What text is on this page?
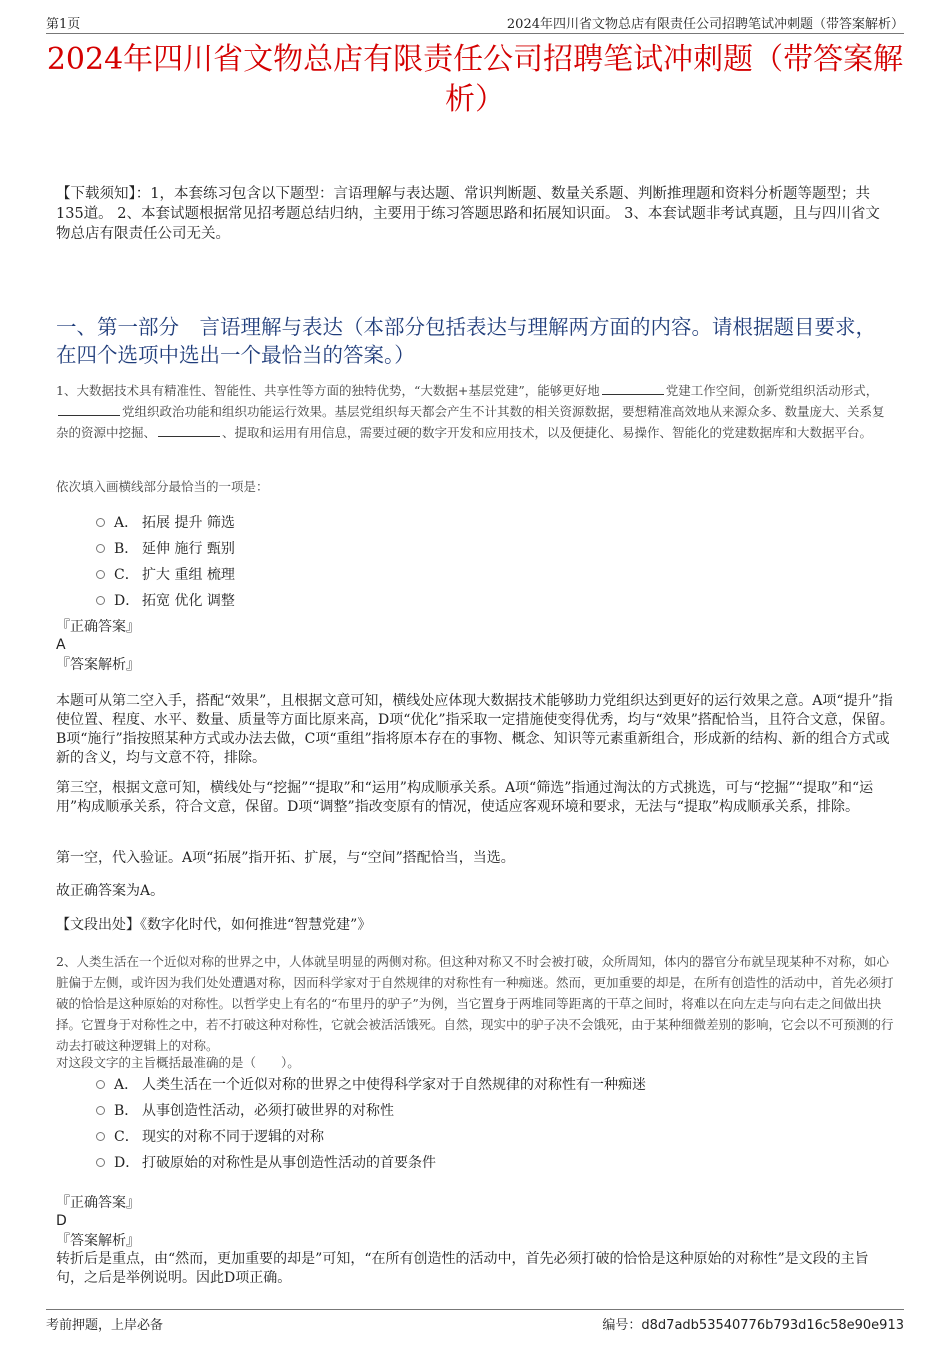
第1页	2024年四川省文物总店有限责任公司招聘笔试冲刺题（带答案解析）
2024年四川省文物总店有限责任公司招聘笔试冲刺题（带答案解析）
【下载须知】：1，本套练习包含以下题型：言语理解与表达题、常识判断题、数量关系题、判断推理题和资料分析题等题型；共135道。 2、本套试题根据常见招考题总结归纳，主要用于练习答题思路和拓展知识面。 3、本套试题非考试真题，且与四川省文物总店有限责任公司无关。
一、第一部分　言语理解与表达（本部分包括表达与理解两方面的内容。请根据题目要求，在四个选项中选出一个最恰当的答案。）
1、大数据技术具有精准性、智能性、共享性等方面的独特优势，“大数据+基层党建”，能够更好地	党建工作空间，创新党组织活动形式，党组织政治功能和组织功能运行效果。基层党组织每天都会产生不计其数的相关资源数据，要想精准高效地从来源众多、数量庞大、关系复杂的资源中挖掘、	、提取和运用有用信息，需要过硬的数字开发和应用技术，以及便捷化、易操作、智能化的党建数据库和大数据平台。
依次填入画横线部分最恰当的一项是：
A． 拓展 提升 筛选
B． 延伸 施行 甄别
C． 扩大 重组 梳理
D． 拓宽 优化 调整
『正确答案』
A
『答案解析』
本题可从第二空入手，搭配“效果”，且根据文意可知，横线处应体现大数据技术能够助力党组织达到更好的运行效果之意。A项“提升”指使位置、程度、水平、数量、质量等方面比原来高，D项“优化”指采取一定措施使变得优秀，均与“效果”搭配恰当，且符合文意，保留。B项“施行”指按照某种方式或办法去做，C项“重组”指将原本存在的事物、概念、知识等元素重新组合，形成新的结构、新的组合方式或新的含义，均与文意不符，排除。
第三空，根据文意可知，横线处与“挖掘”“提取”和“运用”构成顺承关系。A项“筛选”指通过淘汰的方式挑选，可与“挖掘”“提取”和“运用”构成顺承关系，符合文意，保留。D项“调整”指改变原有的情况，使适应客观环境和要求，无法与“提取”构成顺承关系，排除。
第一空，代入验证。A项“拓展”指开拓、扩展，与“空间”搭配恰当，当选。
故正确答案为A。
【文段出处】《数字化时代，如何推进“智慧党建”》
2、人类生活在一个近似对称的世界之中，人体就呈明显的两侧对称。但这种对称又不时会被打破，众所周知，体内的器官分布就呈现某种不对称，如心脏偏于左侧，或许因为我们处处遭遇对称，因而科学家对于自然规律的对称性有一种痴迷。然而，更加重要的却是，在所有创造性的活动中，首先必须打破的恰恰是这种原始的对称性。以哲学史上有名的“布里丹的驴子”为例，当它置身于两堆同等距离的干草之间时，将难以在向左走与向右走之间做出抉择。它置身于对称性之中，若不打破这种对称性，它就会被活活饿死。自然，现实中的驴子决不会饿死，由于某种细微差别的影响，它会以不可预测的行动去打破这种逻辑上的对称。
对这段文字的主旨概括最准确的是（　　）。
A． 人类生活在一个近似对称的世界之中使得科学家对于自然规律的对称性有一种痴迷
B． 从事创造性活动，必须打破世界的对称性
C． 现实的对称不同于逻辑的对称
D． 打破原始的对称性是从事创造性活动的首要条件
『正确答案』
D
『答案解析』
转折后是重点，由“然而，更加重要的却是”可知，“在所有创造性的活动中，首先必须打破的恰恰是这种原始的对称性”是文段的主旨句，之后是举例说明。因此D项正确。
考前押题，上岸必备	编号：d8d7adb53540776b793d16c58e90e913
